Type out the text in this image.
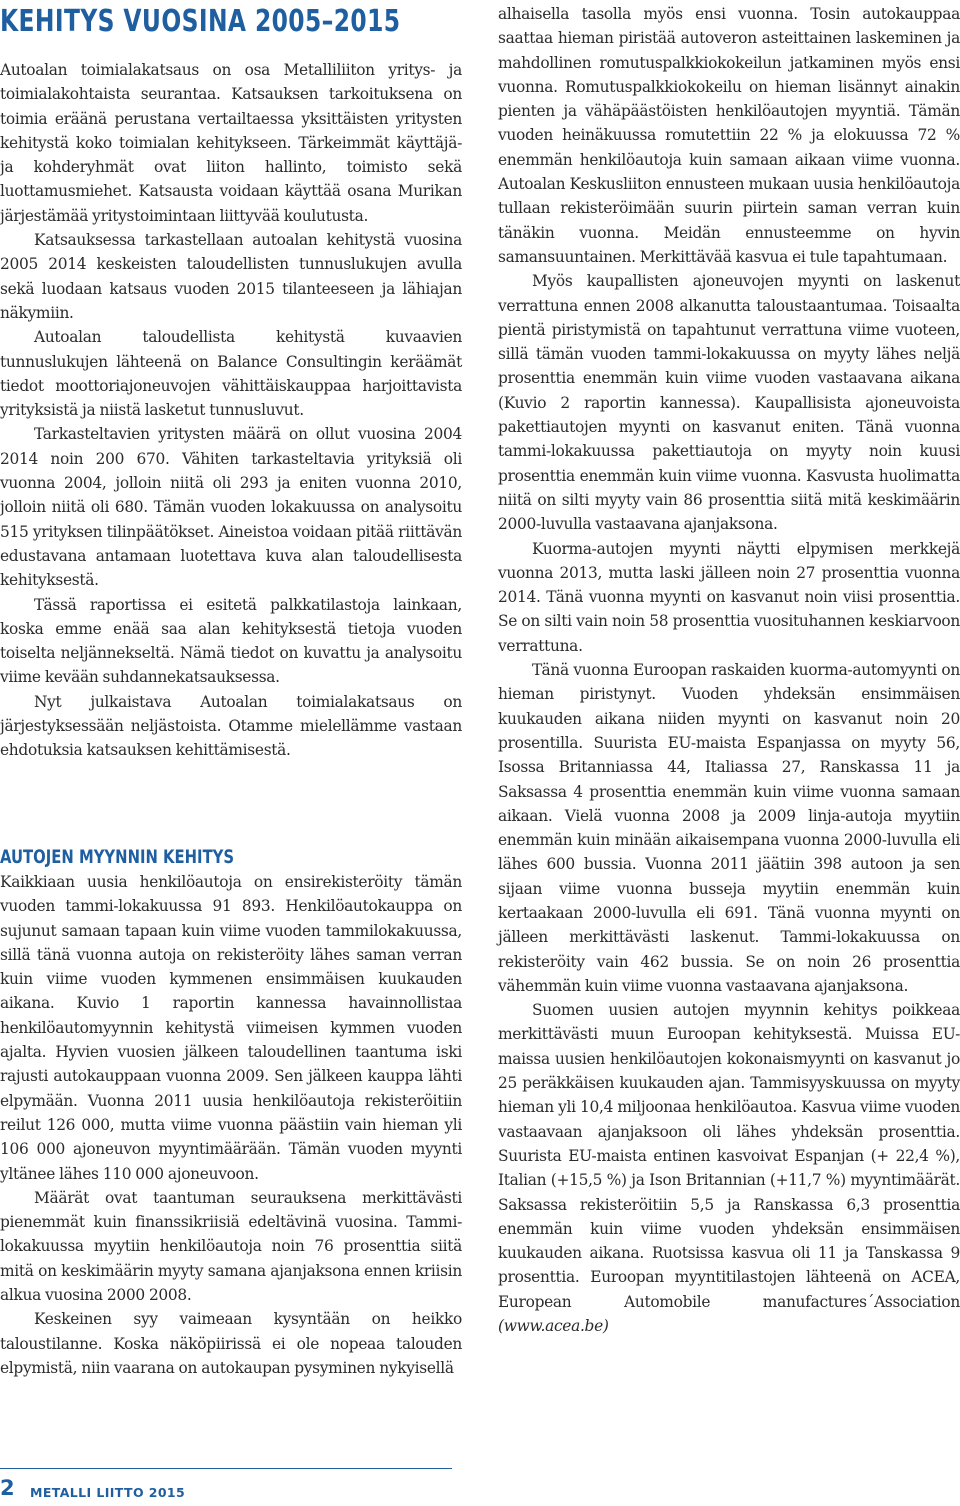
KEHITYS VUOSINA 2005–2015

Autoalan toimialakatsaus on osa Metalliliiton yritys- ja toimialakohtaista seurantaa. Katsauksen tarkoituksena on toimia eräänä perustana vertailtaessa yksittäisten yritysten kehitystä koko toimialan kehitykseen. Tärkeimmät käyttäjä- ja kohderyhmät ovat liiton hallinto, toimisto sekä luottamusmiehet. Katsausta voidaan käyttää osana Murikan järjestämää yritystoimintaan liittyvää koulutusta.

Katsauksessa tarkastellaan autoalan kehitystä vuosina 2005 2014 keskeisten taloudellisten tunnuslukujen avulla sekä luodaan katsaus vuoden 2015 tilanteeseen ja lähiajan näkymiin.

Autoalan taloudellista kehitystä kuvaavien tunnuslukujen lähteenä on Balance Consultingin keräämät tiedot moottoriajoneuvojen vähittäiskauppaa harjoittavista yrityksistä ja niistä lasketut tunnusluvut.

Tarkasteltavien yritysten määrä on ollut vuosina 2004 2014 noin 200 670. Vähiten tarkasteltavia yrityksiä oli vuonna 2004, jolloin niitä oli 293 ja eniten vuonna 2010, jolloin niitä oli 680. Tämän vuoden lokakuussa on analysoitu 515 yrityksen tilinpäätökset. Aineistoa voidaan pitää riittävän edustavana antamaan luotettava kuva alan taloudellisesta kehityksestä.

Tässä raportissa ei esitetä palkkatilastoja lainkaan, koska emme enää saa alan kehityksestä tietoja vuoden toiselta neljännekseltä. Nämä tiedot on kuvattu ja analysoitu viime kevään suhdannekatsauksessa.

Nyt julkaistava Autoalan toimialakatsaus on järjestyksessään neljästoista. Otamme mielellämme vastaan ehdotuksia katsauksen kehittämisestä.

AUTOJEN MYYNNIN KEHITYS

Kaikkiaan uusia henkilöautoja on ensirekisteröity tämän vuoden tammi-lokakuussa 91 893. Henkilöautokauppa on sujunut samaan tapaan kuin viime vuoden tammilokakuussa, sillä tänä vuonna autoja on rekisteröity lähes saman verran kuin viime vuoden kymmenen ensimmäisen kuukauden aikana. Kuvio 1 raportin kannessa havainnollistaa henkilöautomyynnin kehitystä viimeisen kymmen vuoden ajalta. Hyvien vuosien jälkeen taloudellinen taantuma iski rajusti autokauppaan vuonna 2009. Sen jälkeen kauppa lähti elpymään. Vuonna 2011 uusia henkilöautoja rekisteröitiin reilut 126 000, mutta viime vuonna päästiin vain hieman yli 106 000 ajoneuvon myyntimäärään. Tämän vuoden myynti yltänee lähes 110 000 ajoneuvoon.

Määrät ovat taantuman seurauksena merkittävästi pienemmät kuin finanssikriisiä edeltävinä vuosina. Tammi-lokakuussa myytiin henkilöautoja noin 76 prosenttia siitä mitä on keskimäärin myyty samana ajanjaksona ennen kriisin alkua vuosina 2000 2008.

Keskeinen syy vaimeaan kysyntään on heikko taloustilanne. Koska näköpiirissä ei ole nopeaa talouden elpymistä, niin vaarana on autokaupan pysyminen nykyisellä

alhaisella tasolla myös ensi vuonna. Tosin autokauppaa saattaa hieman piristää autoveron asteittainen laskeminen ja mahdollinen romutuspalkkiokokeilun jatkaminen myös ensi vuonna. Romutuspalkkiokokeilu on hieman lisännyt ainakin pienten ja vähäpäästöisten henkilöautojen myyntiä. Tämän vuoden heinäkuussa romutettiin 22 % ja elokuussa 72 % enemmän henkilöautoja kuin samaan aikaan viime vuonna. Autoalan Keskusliiton ennusteen mukaan uusia henkilöautoja tullaan rekisteröimään suurin piirtein saman verran kuin tänäkin vuonna. Meidän ennusteemme on hyvin samansuuntainen. Merkittävää kasvua ei tule tapahtumaan.

Myös kaupallisten ajoneuvojen myynti on laskenut verrattuna ennen 2008 alkanutta taloustaantumaa. Toisaalta pientä piristymistä on tapahtunut verrattuna viime vuoteen, sillä tämän vuoden tammi-lokakuussa on myyty lähes neljä prosenttia enemmän kuin viime vuoden vastaavana aikana (Kuvio 2 raportin kannessa). Kaupallisista ajoneuvoista pakettiautojen myynti on kasvanut eniten. Tänä vuonna tammi-lokakuussa pakettiautoja on myyty noin kuusi prosenttia enemmän kuin viime vuonna. Kasvusta huolimatta niitä on silti myyty vain 86 prosenttia siitä mitä keskimäärin 2000-luvulla vastaavana ajanjaksona.

Kuorma-autojen myynti näytti elpymisen merkkejä vuonna 2013, mutta laski jälleen noin 27 prosenttia vuonna 2014. Tänä vuonna myynti on kasvanut noin viisi prosenttia. Se on silti vain noin 58 prosenttia vuosituhannen keskiarvoon verrattuna.

Tänä vuonna Euroopan raskaiden kuorma-automyynti on hieman piristynyt. Vuoden yhdeksän ensimmäisen kuukauden aikana niiden myynti on kasvanut noin 20 prosentilla. Suurista EU-maista Espanjassa on myyty 56, Isossa Britanniassa 44, Italiassa 27, Ranskassa 11 ja Saksassa 4 prosenttia enemmän kuin viime vuonna samaan aikaan. Vielä vuonna 2008 ja 2009 linja-autoja myytiin enemmän kuin minään aikaisempana vuonna 2000-luvulla eli lähes 600 bussia. Vuonna 2011 jäätiin 398 autoon ja sen sijaan viime vuonna busseja myytiin enemmän kuin kertaakaan 2000-luvulla eli 691. Tänä vuonna myynti on jälleen merkittävästi laskenut. Tammi-lokakuussa on rekisteröity vain 462 bussia. Se on noin 26 prosenttia vähemmän kuin viime vuonna vastaavana ajanjaksona.

Suomen uusien autojen myynnin kehitys poikkeaa merkittävästi muun Euroopan kehityksestä. Muissa EU-maissa uusien henkilöautojen kokonaismyynti on kasvanut jo 25 peräkkäisen kuukauden ajan. Tammisyyskuussa on myyty hieman yli 10,4 miljoonaa henkilöautoa. Kasvua viime vuoden vastaavaan ajanjaksoon oli lähes yhdeksän prosenttia. Suurista EU-maista entinen kasvoivat Espanjan (+ 22,4 %), Italian (+15,5 %) ja Ison Britannian (+11,7 %) myyntimäärät. Saksassa rekisteröitiin 5,5 ja Ranskassa 6,3 prosenttia enemmän kuin viime vuoden yhdeksän ensimmäisen kuukauden aikana. Ruotsissa kasvua oli 11 ja Tanskassa 9 prosenttia. Euroopan myyntitilastojen lähteenä on ACEA, European Automobile manufactures´Association (www.acea.be)

2 METALLI LIITTO 2015
